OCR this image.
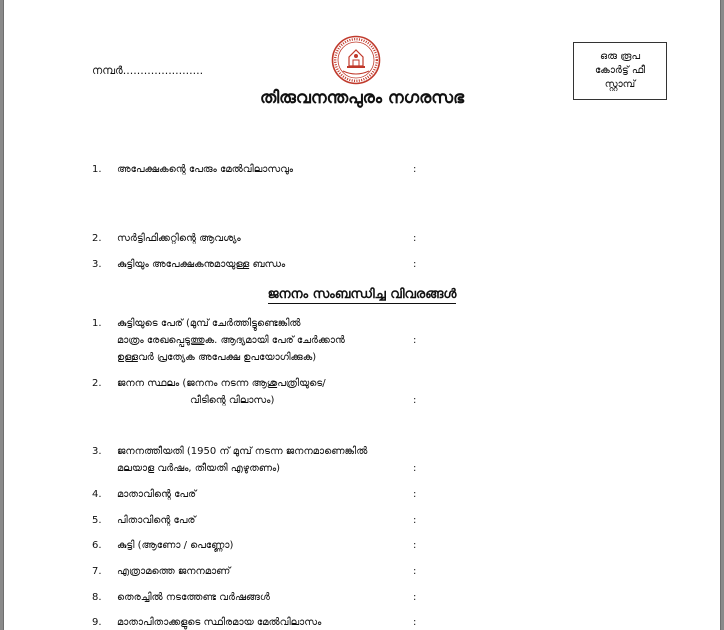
നമ്പർ.......................
ഒരു രൂപ
കോർട്ട് ഫീ
സ്റ്റാമ്പ്
തിരുവനന്തപുരം നഗരസഭ
1.	അപേക്ഷകന്റെ പേരും മേൽവിലാസവും	:
2.	സർട്ടിഫിക്കറ്റിന്റെ ആവശ്യം	:
3.	കുട്ടിയും അപേക്ഷകനുമായുള്ള ബന്ധം	:
ജനനം സംബന്ധിച്ച വിവരങ്ങൾ
1.	കുട്ടിയുടെ പേര് (മുമ്പ് ചേർത്തിട്ടുണ്ടെങ്കിൽ
മാത്രം രേഖപ്പെടുത്തുക. ആദ്യമായി പേര് ചേർക്കാൻ	:
ഉള്ളവർ പ്രത്യേക അപേക്ഷ ഉപയോഗിക്കുക)
2.	ജനന സ്ഥലം (ജനനം നടന്ന ആശുപത്രിയുടെ/
വീടിന്റെ വിലാസം)	:
3.	ജനനത്തീയതി (1950 ന് മുമ്പ് നടന്ന ജനനമാണെങ്കിൽ
മലയാള വർഷം, തീയതി എഴുതണം)	:
4.	മാതാവിന്റെ പേര്	:
5.	പിതാവിന്റെ പേര്	:
6.	കുട്ടി (ആണോ / പെണ്ണോ)	:
7.	എത്രാമത്തെ ജനനമാണ്	:
8.	തെരച്ചിൽ നടത്തേണ്ട വർഷങ്ങൾ	:
9.	മാതാപിതാക്കളുടെ സ്ഥിരമായ മേൽവിലാസം	:
